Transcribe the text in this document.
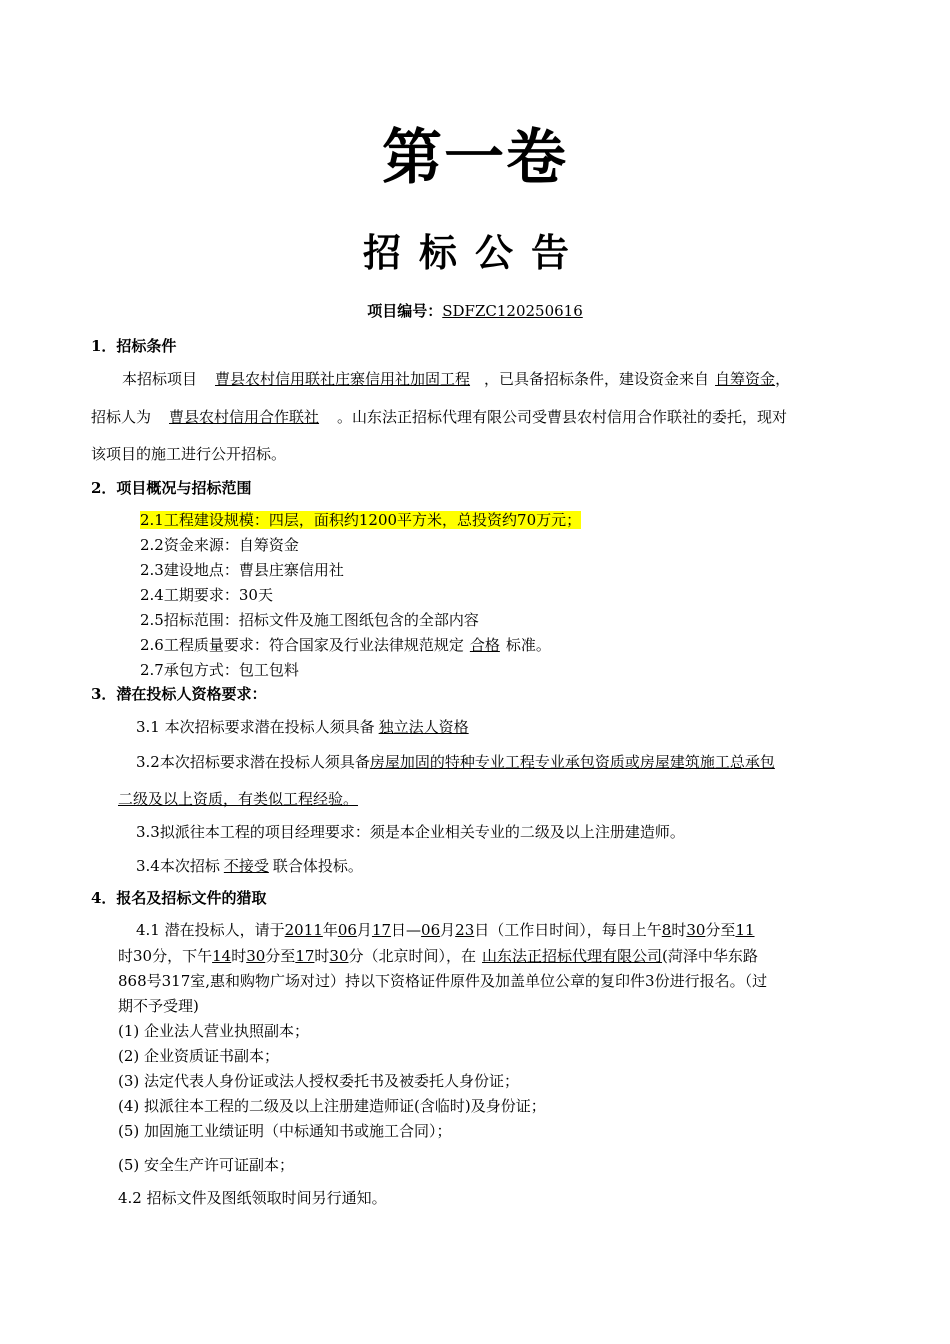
第一卷
招标公告
项目编号：SDFZC120250616
1．招标条件
本招标项目 曹县农村信用联社庄寨信用社加固工程 ，已具备招标条件，建设资金来自 自筹资金，
招标人为 曹县农村信用合作联社 。山东法正招标代理有限公司受曹县农村信用合作联社的委托，现对
该项目的施工进行公开招标。
2．项目概况与招标范围
2.1工程建设规模：四层，面积约1200平方米，总投资约70万元；
2.2资金来源：自筹资金
2.3建设地点：曹县庄寨信用社
2.4工期要求：30天
2.5招标范围：招标文件及施工图纸包含的全部内容
2.6工程质量要求：符合国家及行业法律规范规定 合格 标准。
2.7承包方式：包工包料
3．潜在投标人资格要求：
3.1 本次招标要求潜在投标人须具备 独立法人资格
3.2本次招标要求潜在投标人须具备房屋加固的特种专业工程专业承包资质或房屋建筑施工总承包
二级及以上资质，有类似工程经验。
3.3拟派往本工程的项目经理要求：须是本企业相关专业的二级及以上注册建造师。
3.4本次招标 不接受 联合体投标。
4．报名及招标文件的猎取
4.1 潜在投标人，请于2011年06月17日—06月23日（工作日时间），每日上午8时30分至11
时30分，下午14时30分至17时30分（北京时间），在 山东法正招标代理有限公司(菏泽中华东路
868号317室,惠和购物广场对过）持以下资格证件原件及加盖单位公章的复印件3份进行报名。（过
期不予受理)
(1) 企业法人营业执照副本；
(2) 企业资质证书副本；
(3) 法定代表人身份证或法人授权委托书及被委托人身份证；
(4) 拟派往本工程的二级及以上注册建造师证(含临时)及身份证；
(5) 加固施工业绩证明（中标通知书或施工合同）；
(5) 安全生产许可证副本；
4.2 招标文件及图纸领取时间另行通知。
